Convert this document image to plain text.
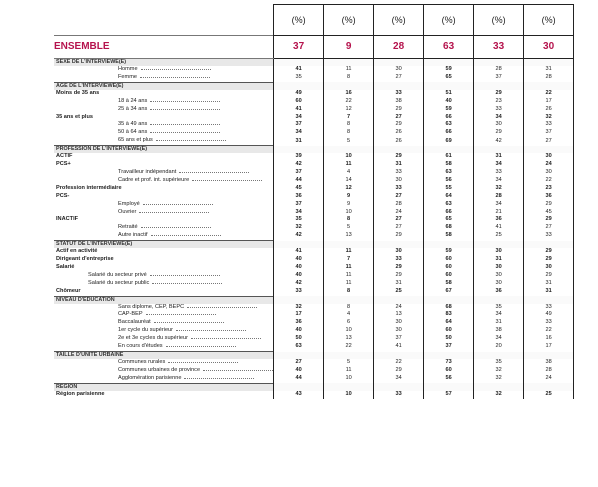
	(%)	(%)	(%)	(%)	(%)	(%)
ENSEMBLE	37	9	28	63	33	30
SEXE DE L'INTERVIEWE(E)						
Homme	41	11	30	59	28	31
Femme	35	8	27	65	37	28
AGE DE L'INTERVIEWE(E)						
Moins de 35 ans	49	16	33	51	29	22
18 à 24 ans	60	22	38	40	23	17
25 à 34 ans	41	12	29	59	33	26
35 ans et plus	34	7	27	66	34	32
35 à 49 ans	37	8	29	63	30	33
50 à 64 ans	34	8	26	66	29	37
65 ans et plus	31	5	26	69	42	27
PROFESSION DE L'INTERVIEWE(E)						
ACTIF	39	10	29	61	31	30
PCS+	42	11	31	58	34	24
Travailleur indépendant	37	4	33	63	33	30
Cadre et prof. int. supérieure	44	14	30	56	34	22
Profession intermédiaire	45	12	33	55	32	23
PCS-	36	9	27	64	28	36
Employé	37	9	28	63	34	29
Ouvrier	34	10	24	66	21	45
INACTIF	35	8	27	65	36	29
Retraité	32	5	27	68	41	27
Autre inactif	42	13	29	58	25	33
STATUT DE L'INTERVIEWE(E)						
Actif en activité	41	11	30	59	30	29
Dirigeant d'entreprise	40	7	33	60	31	29
Salarié	40	11	29	60	30	30
Salarié du secteur privé	40	11	29	60	30	29
Salarié du secteur public	42	11	31	58	30	31
Chômeur	33	8	25	67	36	31
NIVEAU D'EDUCATION						
Sans diplome, CEP, BEPC	32	8	24	68	35	33
CAP-BEP	17	4	13	83	34	49
Baccalauréat	36	6	30	64	31	33
1er cycle du supérieur	40	10	30	60	38	22
2e et 3e cycles du supérieur	50	13	37	50	34	16
En cours d'études	63	22	41	37	20	17
TAILLE D'UNITE URBAINE						
Communes rurales	27	5	22	73	35	38
Communes urbaines de province	40	11	29	60	32	28
Agglomération parisienne	44	10	34	56	32	24
REGION						
Région parisienne	43	10	33	57	32	25
